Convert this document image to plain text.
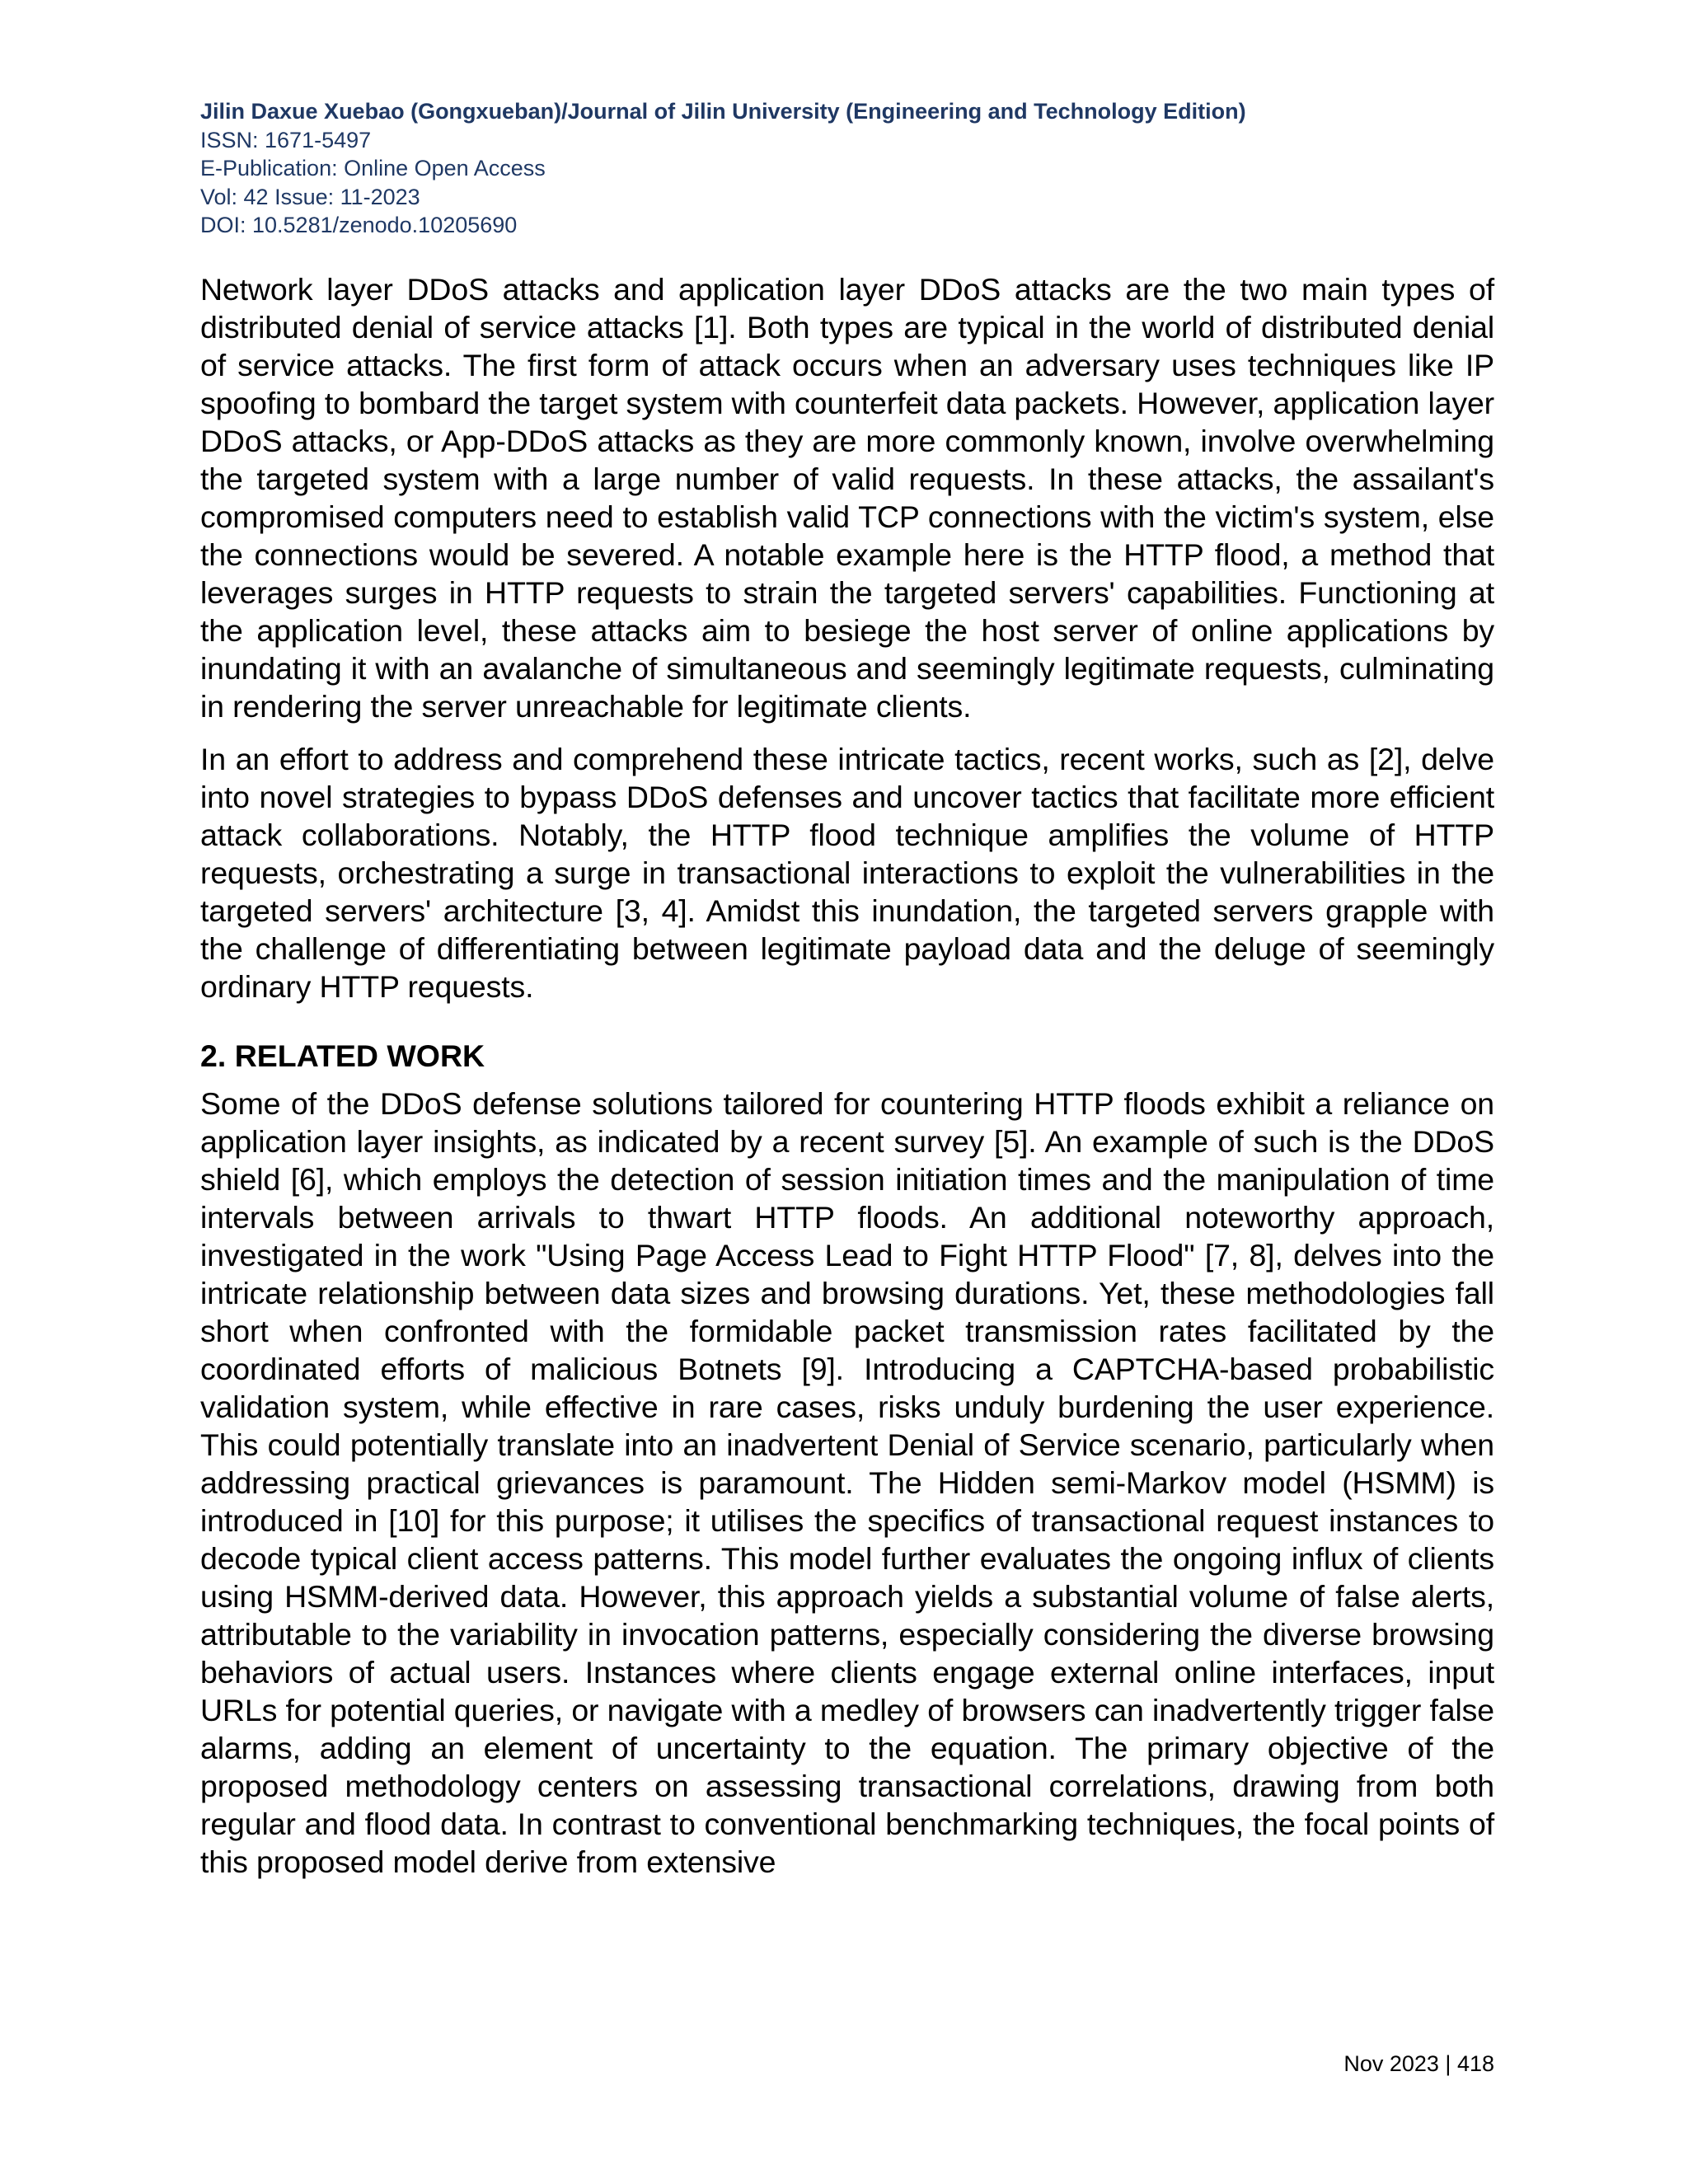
Jilin Daxue Xuebao (Gongxueban)/Journal of Jilin University (Engineering and Technology Edition)
ISSN: 1671-5497
E-Publication: Online Open Access
Vol: 42 Issue: 11-2023
DOI: 10.5281/zenodo.10205690

Network layer DDoS attacks and application layer DDoS attacks are the two main types of distributed denial of service attacks [1]. Both types are typical in the world of distributed denial of service attacks. The first form of attack occurs when an adversary uses techniques like IP spoofing to bombard the target system with counterfeit data packets. However, application layer DDoS attacks, or App-DDoS attacks as they are more commonly known, involve overwhelming the targeted system with a large number of valid requests. In these attacks, the assailant's compromised computers need to establish valid TCP connections with the victim's system, else the connections would be severed. A notable example here is the HTTP flood, a method that leverages surges in HTTP requests to strain the targeted servers' capabilities. Functioning at the application level, these attacks aim to besiege the host server of online applications by inundating it with an avalanche of simultaneous and seemingly legitimate requests, culminating in rendering the server unreachable for legitimate clients.

In an effort to address and comprehend these intricate tactics, recent works, such as [2], delve into novel strategies to bypass DDoS defenses and uncover tactics that facilitate more efficient attack collaborations. Notably, the HTTP flood technique amplifies the volume of HTTP requests, orchestrating a surge in transactional interactions to exploit the vulnerabilities in the targeted servers' architecture [3, 4]. Amidst this inundation, the targeted servers grapple with the challenge of differentiating between legitimate payload data and the deluge of seemingly ordinary HTTP requests.

2. RELATED WORK

Some of the DDoS defense solutions tailored for countering HTTP floods exhibit a reliance on application layer insights, as indicated by a recent survey [5]. An example of such is the DDoS shield [6], which employs the detection of session initiation times and the manipulation of time intervals between arrivals to thwart HTTP floods. An additional noteworthy approach, investigated in the work "Using Page Access Lead to Fight HTTP Flood" [7, 8], delves into the intricate relationship between data sizes and browsing durations. Yet, these methodologies fall short when confronted with the formidable packet transmission rates facilitated by the coordinated efforts of malicious Botnets [9]. Introducing a CAPTCHA-based probabilistic validation system, while effective in rare cases, risks unduly burdening the user experience. This could potentially translate into an inadvertent Denial of Service scenario, particularly when addressing practical grievances is paramount. The Hidden semi-Markov model (HSMM) is introduced in [10] for this purpose; it utilises the specifics of transactional request instances to decode typical client access patterns. This model further evaluates the ongoing influx of clients using HSMM-derived data. However, this approach yields a substantial volume of false alerts, attributable to the variability in invocation patterns, especially considering the diverse browsing behaviors of actual users. Instances where clients engage external online interfaces, input URLs for potential queries, or navigate with a medley of browsers can inadvertently trigger false alarms, adding an element of uncertainty to the equation. The primary objective of the proposed methodology centers on assessing transactional correlations, drawing from both regular and flood data. In contrast to conventional benchmarking techniques, the focal points of this proposed model derive from extensive

Nov 2023 | 418
